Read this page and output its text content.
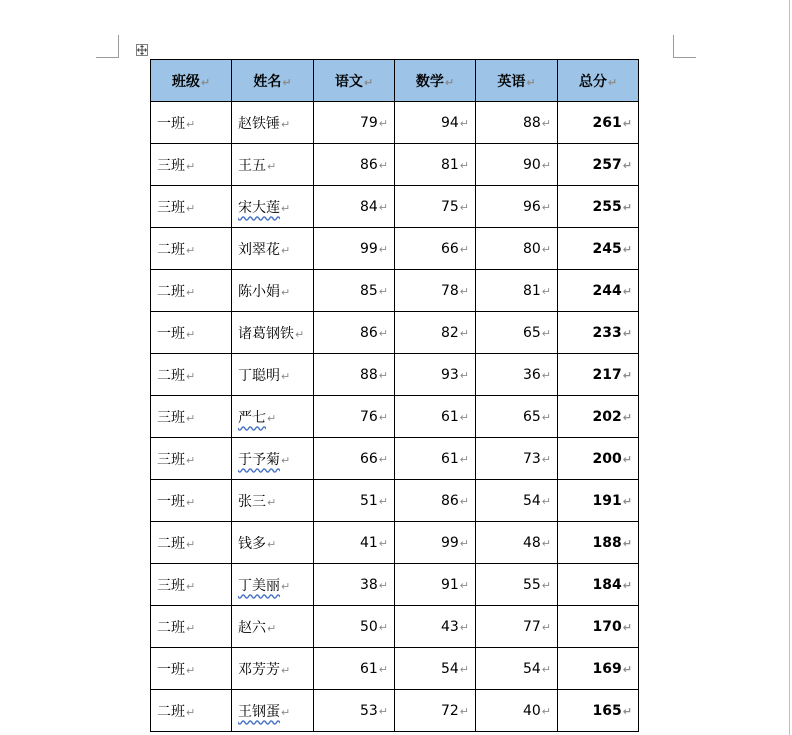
班级↵	姓名↵	语文↵	数学↵	英语↵	总分↵
一班↵	赵铁锤↵	79↵	94↵	88↵	261↵
三班↵	王五↵	86↵	81↵	90↵	257↵
三班↵	宋大莲↵	84↵	75↵	96↵	255↵
二班↵	刘翠花↵	99↵	66↵	80↵	245↵
二班↵	陈小娟↵	85↵	78↵	81↵	244↵
一班↵	诸葛钢铁↵	86↵	82↵	65↵	233↵
二班↵	丁聪明↵	88↵	93↵	36↵	217↵
三班↵	严七↵	76↵	61↵	65↵	202↵
三班↵	于予菊↵	66↵	61↵	73↵	200↵
一班↵	张三↵	51↵	86↵	54↵	191↵
二班↵	钱多↵	41↵	99↵	48↵	188↵
三班↵	丁美丽↵	38↵	91↵	55↵	184↵
二班↵	赵六↵	50↵	43↵	77↵	170↵
一班↵	邓芳芳↵	61↵	54↵	54↵	169↵
二班↵	王钢蛋↵	53↵	72↵	40↵	165↵
